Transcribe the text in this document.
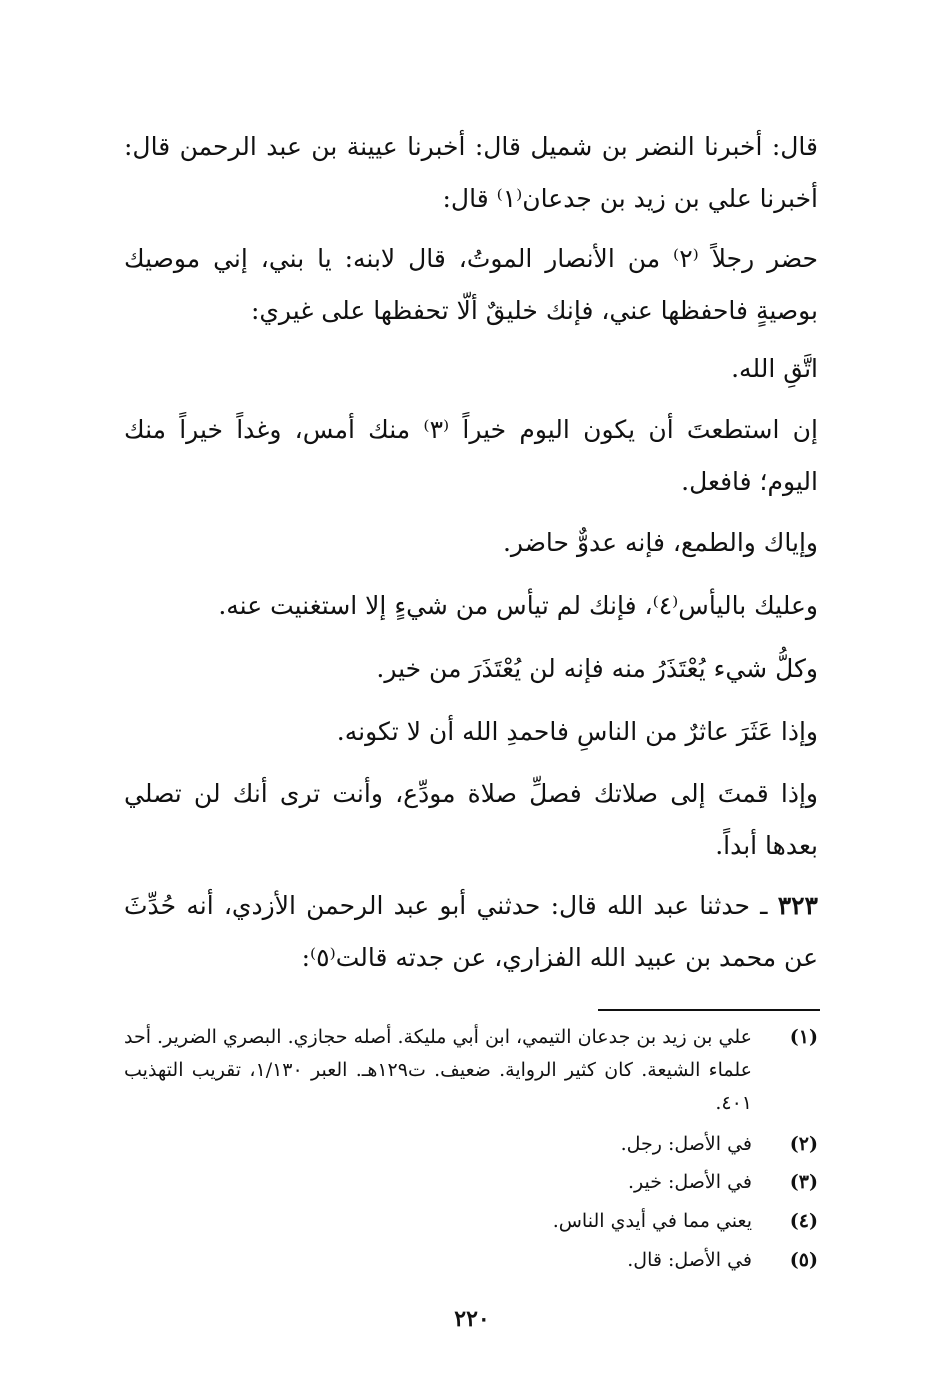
قال: أخبرنا النضر بن شميل قال: أخبرنا عيينة بن عبد الرحمن قال: أخبرنا علي بن زيد بن جدعان⁽١⁾ قال:

حضر رجلاً ⁽٢⁾ من الأنصار الموتُ، قال لابنه: يا بني، إني موصيك بوصيةٍ فاحفظها عني، فإنك خليقٌ ألّا تحفظها على غيري:

اتَّقِ الله.

إن استطعتَ أن يكون اليوم خيراً ⁽٣⁾ منك أمس، وغداً خيراً منك اليوم؛ فافعل.

وإياك والطمع، فإنه عدوٌّ حاضر.

وعليك باليأس⁽٤⁾، فإنك لم تيأس من شيءٍ إلا استغنيت عنه.

وكلُّ شيء يُعْتَذَرُ منه فإنه لن يُعْتَذَرَ من خير.

وإذا عَثَرَ عاثرٌ من الناسِ فاحمدِ الله أن لا تكونه.

وإذا قمتَ إلى صلاتك فصلِّ صلاة مودِّع، وأنت ترى أنك لن تصلي بعدها أبداً.

٣٢٣ ـ حدثنا عبد الله قال: حدثني أبو عبد الرحمن الأزدي، أنه حُدِّثَ عن محمد بن عبيد الله الفزاري، عن جدته قالت⁽٥⁾:

(١)
علي بن زيد بن جدعان التيمي، ابن أبي مليكة. أصله حجازي. البصري الضرير. أحد علماء الشيعة. كان كثير الرواية. ضعيف. ت١٢٩هـ. العبر ١/١٣٠، تقريب التهذيب ٤٠١.
(٢)
في الأصل: رجل.
(٣)
في الأصل: خير.
(٤)
يعني مما في أيدي الناس.
(٥)
في الأصل: قال.
٢٢٠
